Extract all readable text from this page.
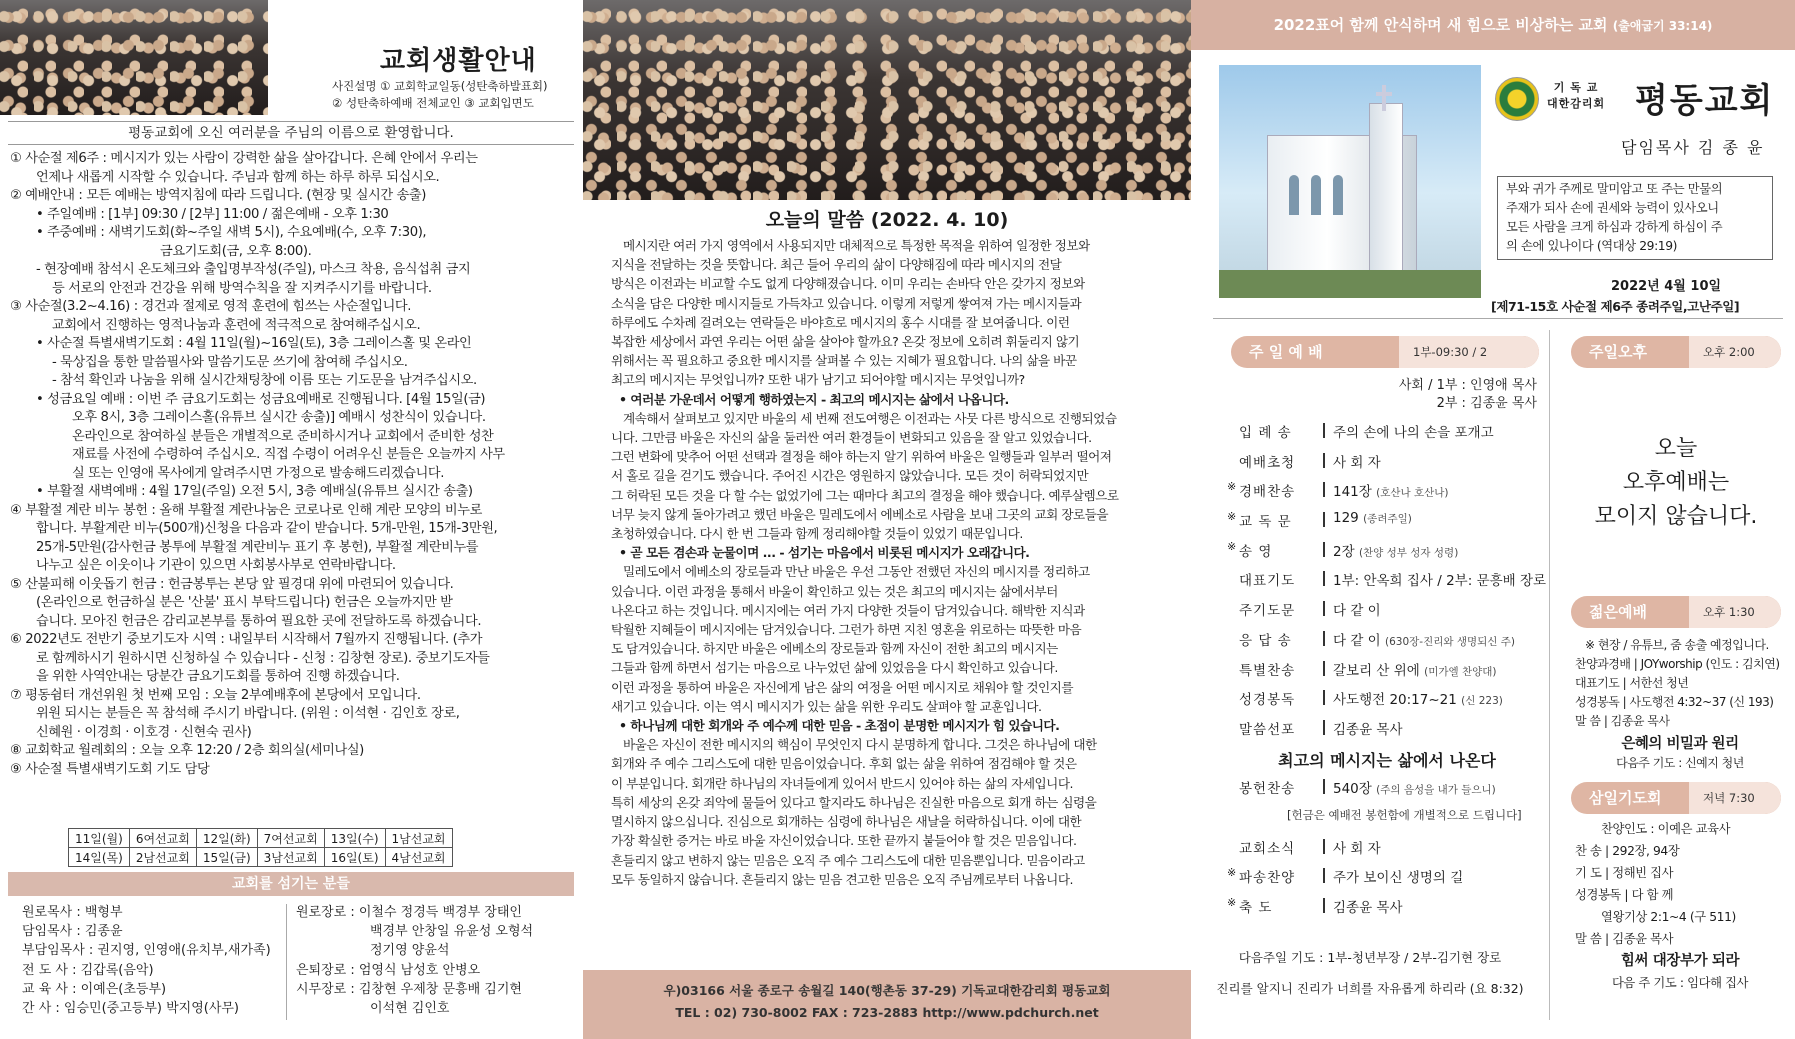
교회생활안내
사진설명 ① 교회학교일동(성탄축하발표회)
② 성탄축하예배 전체교인 ③ 교회입면도
평동교회에 오신 여러분을 주님의 이름으로 환영합니다.

① 사순절 제6주 : 메시지가 있는 사람이 강력한 삶을 살아갑니다. 은혜 안에서 우리는

언제나 새롭게 시작할 수 있습니다. 주님과 함께 하는 하루 하루 되십시오.

② 예배안내 : 모든 예배는 방역지침에 따라 드립니다. (현장 및 실시간 송출)

• 주일예배 : [1부] 09:30 / [2부] 11:00 / 젊은예배 - 오후 1:30

• 주중예배 : 새벽기도회(화~주일 새벽 5시), 수요예배(수, 오후 7:30),

금요기도회(금, 오후 8:00).

- 현장예배 참석시 온도체크와 출입명부작성(주일), 마스크 착용, 음식섭취 금지

등 서로의 안전과 건강을 위해 방역수칙을 잘 지켜주시기를 바랍니다.

③ 사순절(3.2~4.16) : 경건과 절제로 영적 훈련에 힘쓰는 사순절입니다.

교회에서 진행하는 영적나눔과 훈련에 적극적으로 참여해주십시오.

• 사순절 특별새벽기도회 : 4월 11일(월)~16일(토), 3층 그레이스홀 및 온라인

- 묵상집을 통한 말씀필사와 말씀기도문 쓰기에 참여해 주십시오.

- 참석 확인과 나눔을 위해 실시간채팅창에 이름 또는 기도문을 남겨주십시오.

• 성금요일 예배 : 이번 주 금요기도회는 성금요예배로 진행됩니다. [4월 15일(금)

오후 8시, 3층 그레이스홀(유튜브 실시간 송출)] 예배시 성찬식이 있습니다.

온라인으로 참여하실 분들은 개별적으로 준비하시거나 교회에서 준비한 성찬

재료를 사전에 수령하여 주십시오. 직접 수령이 어려우신 분들은 오늘까지 사무

실 또는 인영애 목사에게 알려주시면 가정으로 발송해드리겠습니다.

• 부활절 새벽예배 : 4월 17일(주일) 오전 5시, 3층 예배실(유튜브 실시간 송출)

④ 부활절 계란 비누 봉헌 : 올해 부활절 계란나눔은 코로나로 인해 계란 모양의 비누로

합니다. 부활계란 비누(500개)신청을 다음과 같이 받습니다. 5개-만원, 15개-3만원,

25개-5만원(감사헌금 봉투에 부활절 계란비누 표기 후 봉헌), 부활절 계란비누를

나누고 싶은 이웃이나 기관이 있으면 사회봉사부로 연락바랍니다.

⑤ 산불피해 이웃돕기 헌금 : 헌금봉투는 본당 앞 필경대 위에 마련되어 있습니다.

(온라인으로 헌금하실 분은 '산불' 표시 부탁드립니다) 헌금은 오늘까지만 받

습니다. 모아진 헌금은 감리교본부를 통하여 필요한 곳에 전달하도록 하겠습니다.

⑥ 2022년도 전반기 중보기도자 시역 : 내일부터 시작해서 7월까지 진행됩니다. (추가

로 함께하시기 원하시면 신청하실 수 있습니다 - 신청 : 김창현 장로). 중보기도자들

을 위한 사역안내는 당분간 금요기도회를 통하여 진행 하겠습니다.

⑦ 평동쉼터 개선위원 첫 번째 모임 : 오늘 2부예배후에 본당에서 모입니다.

위원 되시는 분들은 꼭 참석해 주시기 바랍니다. (위원 : 이석현 · 김인호 장로,

신혜원 · 이경희 · 이호경 · 신현숙 권사)

⑧ 교회학교 월례회의 : 오늘 오후 12:20 / 2층 회의실(세미나실)

⑨ 사순절 특별새벽기도회 기도 담당

11일(월)	6여선교회	12일(화)	7여선교회	13일(수)	1남선교회
14일(목)	2남선교회	15일(금)	3남선교회	16일(토)	4남선교회
교회를 섬기는 분들
원로목사 : 백형부
담임목사 : 김종윤
부담임목사 : 권지영, 인영애(유치부,새가족)
전 도 사 : 김갑록(음악)
교 육 사 : 이예은(초등부)
간 사 : 임승민(중고등부) 박지영(사무)
원로장로 : 이철수 정경득 백경부 장태인
백경부 안창일 유윤성 오형석
정기영 양윤석
은퇴장로 : 엄영식 남성호 안병오
시무장로 : 김창현 우제창 문흥배 김기현
이석현 김인호
오늘의 말씀 (2022. 4. 10)

메시지란 여러 가지 영역에서 사용되지만 대체적으로 특정한 목적을 위하여 일정한 정보와

지식을 전달하는 것을 뜻합니다. 최근 들어 우리의 삶이 다양해짐에 따라 메시지의 전달

방식은 이전과는 비교할 수도 없게 다양해졌습니다. 이미 우리는 손바닥 안은 갖가지 정보와

소식을 담은 다양한 메시지들로 가득차고 있습니다. 이렇게 저렇게 쌓여져 가는 메시지들과

하루에도 수차례 걸려오는 연락들은 바야흐로 메시지의 홍수 시대를 잘 보여줍니다. 이런

복잡한 세상에서 과연 우리는 어떤 삶을 살아야 할까요? 온갖 정보에 오히려 휘둘리지 않기

위해서는 꼭 필요하고 중요한 메시지를 살펴볼 수 있는 지혜가 필요합니다. 나의 삶을 바꾼

최고의 메시지는 무엇입니까? 또한 내가 남기고 되어야할 메시지는 무엇입니까?

• 여러분 가운데서 어떻게 행하였는지 - 최고의 메시지는 삶에서 나옵니다.

계속해서 살펴보고 있지만 바울의 세 번째 전도여행은 이전과는 사뭇 다른 방식으로 진행되었습

니다. 그만큼 바울은 자신의 삶을 둘러싼 여러 환경들이 변화되고 있음을 잘 알고 있었습니다.

그런 변화에 맞추어 어떤 선택과 결정을 해야 하는지 알기 위하여 바울은 일행들과 일부러 떨어져

서 홀로 길을 걷기도 했습니다. 주어진 시간은 영원하지 않았습니다. 모든 것이 허락되었지만

그 허락된 모든 것을 다 할 수는 없었기에 그는 때마다 최고의 결정을 해야 했습니다. 예루살렘으로

너무 늦지 않게 돌아가려고 했던 바울은 밀레도에서 에베소로 사람을 보내 그곳의 교회 장로들을

초청하였습니다. 다시 한 번 그들과 함께 정리해야할 것들이 있었기 때문입니다.

• 곧 모든 겸손과 눈물이며 ... - 섬기는 마음에서 비롯된 메시지가 오래갑니다.

밀레도에서 에베소의 장로들과 만난 바울은 우선 그동안 전했던 자신의 메시지를 정리하고

있습니다. 이런 과정을 통해서 바울이 확인하고 있는 것은 최고의 메시지는 삶에서부터

나온다고 하는 것입니다. 메시지에는 여러 가지 다양한 것들이 담겨있습니다. 해박한 지식과

탁월한 지혜들이 메시지에는 담겨있습니다. 그런가 하면 지친 영혼을 위로하는 따뜻한 마음

도 담겨있습니다. 하지만 바울은 에베소의 장로들과 함께 자신이 전한 최고의 메시지는

그들과 함께 하면서 섬기는 마음으로 나누었던 삶에 있었음을 다시 확인하고 있습니다.

이런 과정을 통하여 바울은 자신에게 남은 삶의 여정을 어떤 메시지로 채워야 할 것인지를

새기고 있습니다. 이는 역시 메시지가 있는 삶을 위한 우리도 살펴야 할 교훈입니다.

• 하나님께 대한 회개와 주 예수께 대한 믿음 - 초점이 분명한 메시지가 힘 있습니다.

바울은 자신이 전한 메시지의 핵심이 무엇인지 다시 분명하게 합니다. 그것은 하나님에 대한

회개와 주 예수 그리스도에 대한 믿음이었습니다. 후회 없는 삶을 위하여 점검해야 할 것은

이 부분입니다. 회개란 하나님의 자녀들에게 있어서 반드시 있어야 하는 삶의 자세입니다.

특히 세상의 온갖 죄악에 물들어 있다고 할지라도 하나님은 진실한 마음으로 회개 하는 심령을

멸시하지 않으십니다. 진심으로 회개하는 심령에 하나님은 새날을 허락하십니다. 이에 대한

가장 확실한 증거는 바로 바울 자신이었습니다. 또한 끝까지 붙들어야 할 것은 믿음입니다.

흔들리지 않고 변하지 않는 믿음은 오직 주 예수 그리스도에 대한 믿음뿐입니다. 믿음이라고

모두 동일하지 않습니다. 흔들리지 않는 믿음 견고한 믿음은 오직 주님께로부터 나옵니다.

우)03166 서울 종로구 송월길 140(행촌동 37-29) 기독교대한감리회 평동교회
TEL : 02) 730-8002 FAX : 723-2883 http://www.pdchurch.net
2022표어 함께 안식하며 새 힘으로 비상하는 교회 (출애굽기 33:14)
기 독 교
대한감리회 평동교회
담임목사 김 종 윤

부와 귀가 주께로 말미암고 또 주는 만물의

주재가 되사 손에 권세와 능력이 있사오니

모든 사람을 크게 하심과 강하게 하심이 주

의 손에 있나이다 (역대상 29:19)

2022년 4월 10일
[제71-15호 사순절 제6주 종려주일,고난주일]
주 일 예 배	1부-09:30 / 2
사회 / 1부 : 인영애 목사
2부 : 김종윤 목사
입 례 송	주의 손에 나의 손을 포개고
예배초청	사 회 자
※ 경배찬송	141장 (호산나 호산나)
※ 교 독 문	129 (종려주일)
※ 송 영	2장 (찬양 성부 성자 성령)
대표기도	1부: 안옥희 집사 / 2부: 문흥배 장로
주기도문	다 같 이
응 답 송	다 같 이 (630장-진리와 생명되신 주)
특별찬송	갈보리 산 위에 (미가엘 찬양대)
성경봉독	사도행전 20:17~21 (신 223)
말씀선포	김종윤 목사
최고의 메시지는 삶에서 나온다
봉헌찬송	540장 (주의 음성을 내가 들으니)
[헌금은 예배전 봉헌함에 개별적으로 드립니다]
교회소식	사 회 자
※ 파송찬양	주가 보이신 생명의 길
※ 축 도	김종윤 목사
다음주일 기도 : 1부-청년부장 / 2부-김기현 장로
진리를 알지니 진리가 너희를 자유롭게 하리라 (요 8:32)
주일오후	오후 2:00
오늘
오후예배는
모이지 않습니다.
젊은예배	오후 1:30

※ 현장 / 유튜브, 줌 송출 예정입니다.

찬양과경배 | JOYworship (인도 : 김치연)

대표기도 | 서한선 청년

성경봉독 | 사도행전 4:32~37 (신 193)

말 씀 | 김종윤 목사

은혜의 비밀과 원리

다음주 기도 : 신예지 청년

삼일기도회	저녁 7:30

찬양인도 : 이예은 교육사

찬 송 | 292장, 94장

기 도 | 정해빈 집사

성경봉독 | 다 함 께

열왕기상 2:1~4 (구 511)

말 씀 | 김종윤 목사

힘써 대장부가 되라

다음 주 기도 : 임다해 집사
